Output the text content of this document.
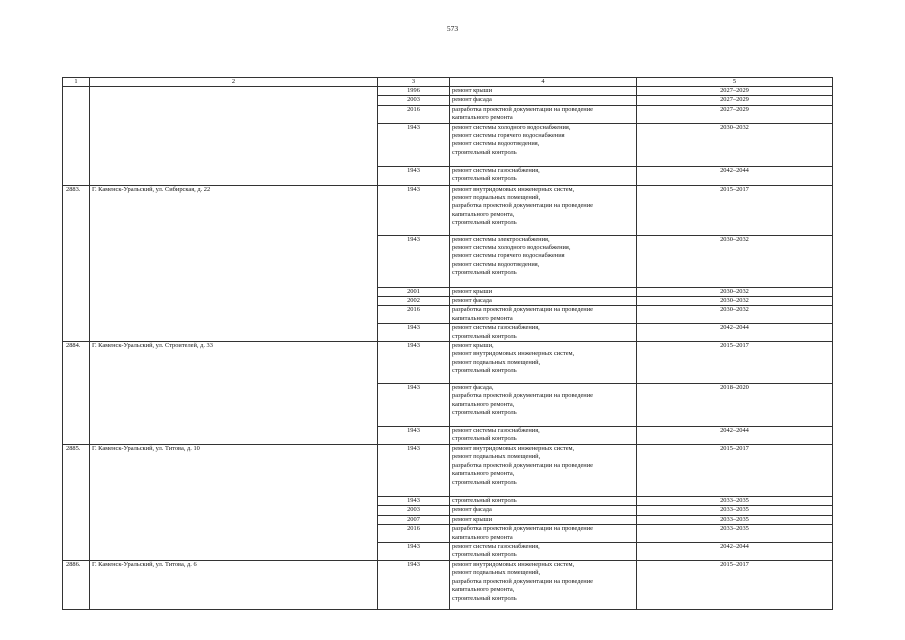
573
1	2	3	4	5
		1996	ремонт крыши	2027–2029
		2003	ремонт фасада	2027–2029
		2016	разработка проектной документации на проведение
капитального ремонта	2027–2029
		1943	ремонт системы холодного водоснабжения,
ремонт системы горячего водоснабжения
ремонт системы водоотведения,
строительный контроль	2030–2032
		1943	ремонт системы газоснабжения,
строительный контроль	2042–2044
2883.	Г. Каменск-Уральский, ул. Сибирская, д. 22	1943	ремонт внутридомовых инженерных систем,
ремонт подвальных помещений,
разработка проектной документации на проведение
капитального ремонта,
строительный контроль	2015–2017
		1943	ремонт системы электроснабжения,
ремонт системы холодного водоснабжения,
ремонт системы горячего водоснабжения
ремонт системы водоотведения,
строительный контроль	2030–2032
		2001	ремонт крыши	2030–2032
		2002	ремонт фасада	2030–2032
		2016	разработка проектной документации на проведение
капитального ремонта	2030–2032
		1943	ремонт системы газоснабжения,
строительный контроль	2042–2044
2884.	Г. Каменск-Уральский, ул. Строителей, д. 33	1943	ремонт крыши,
ремонт внутридомовых инженерных систем,
ремонт подвальных помещений,
строительный контроль	2015–2017
		1943	ремонт фасада,
разработка проектной документации на проведение
капитального ремонта,
строительный контроль	2018–2020
		1943	ремонт системы газоснабжения,
строительный контроль	2042–2044
2885.	Г. Каменск-Уральский, ул. Титова, д. 10	1943	ремонт внутридомовых инженерных систем,
ремонт подвальных помещений,
разработка проектной документации на проведение
капитального ремонта,
строительный контроль	2015–2017
		1943	строительный контроль	2033–2035
		2003	ремонт фасада	2033–2035
		2007	ремонт крыши	2033–2035
		2016	разработка проектной документации на проведение
капитального ремонта	2033–2035
		1943	ремонт системы газоснабжения,
строительный контроль	2042–2044
2886.	Г. Каменск-Уральский, ул. Титова, д. 6	1943	ремонт внутридомовых инженерных систем,
ремонт подвальных помещений,
разработка проектной документации на проведение
капитального ремонта,
строительный контроль	2015–2017
